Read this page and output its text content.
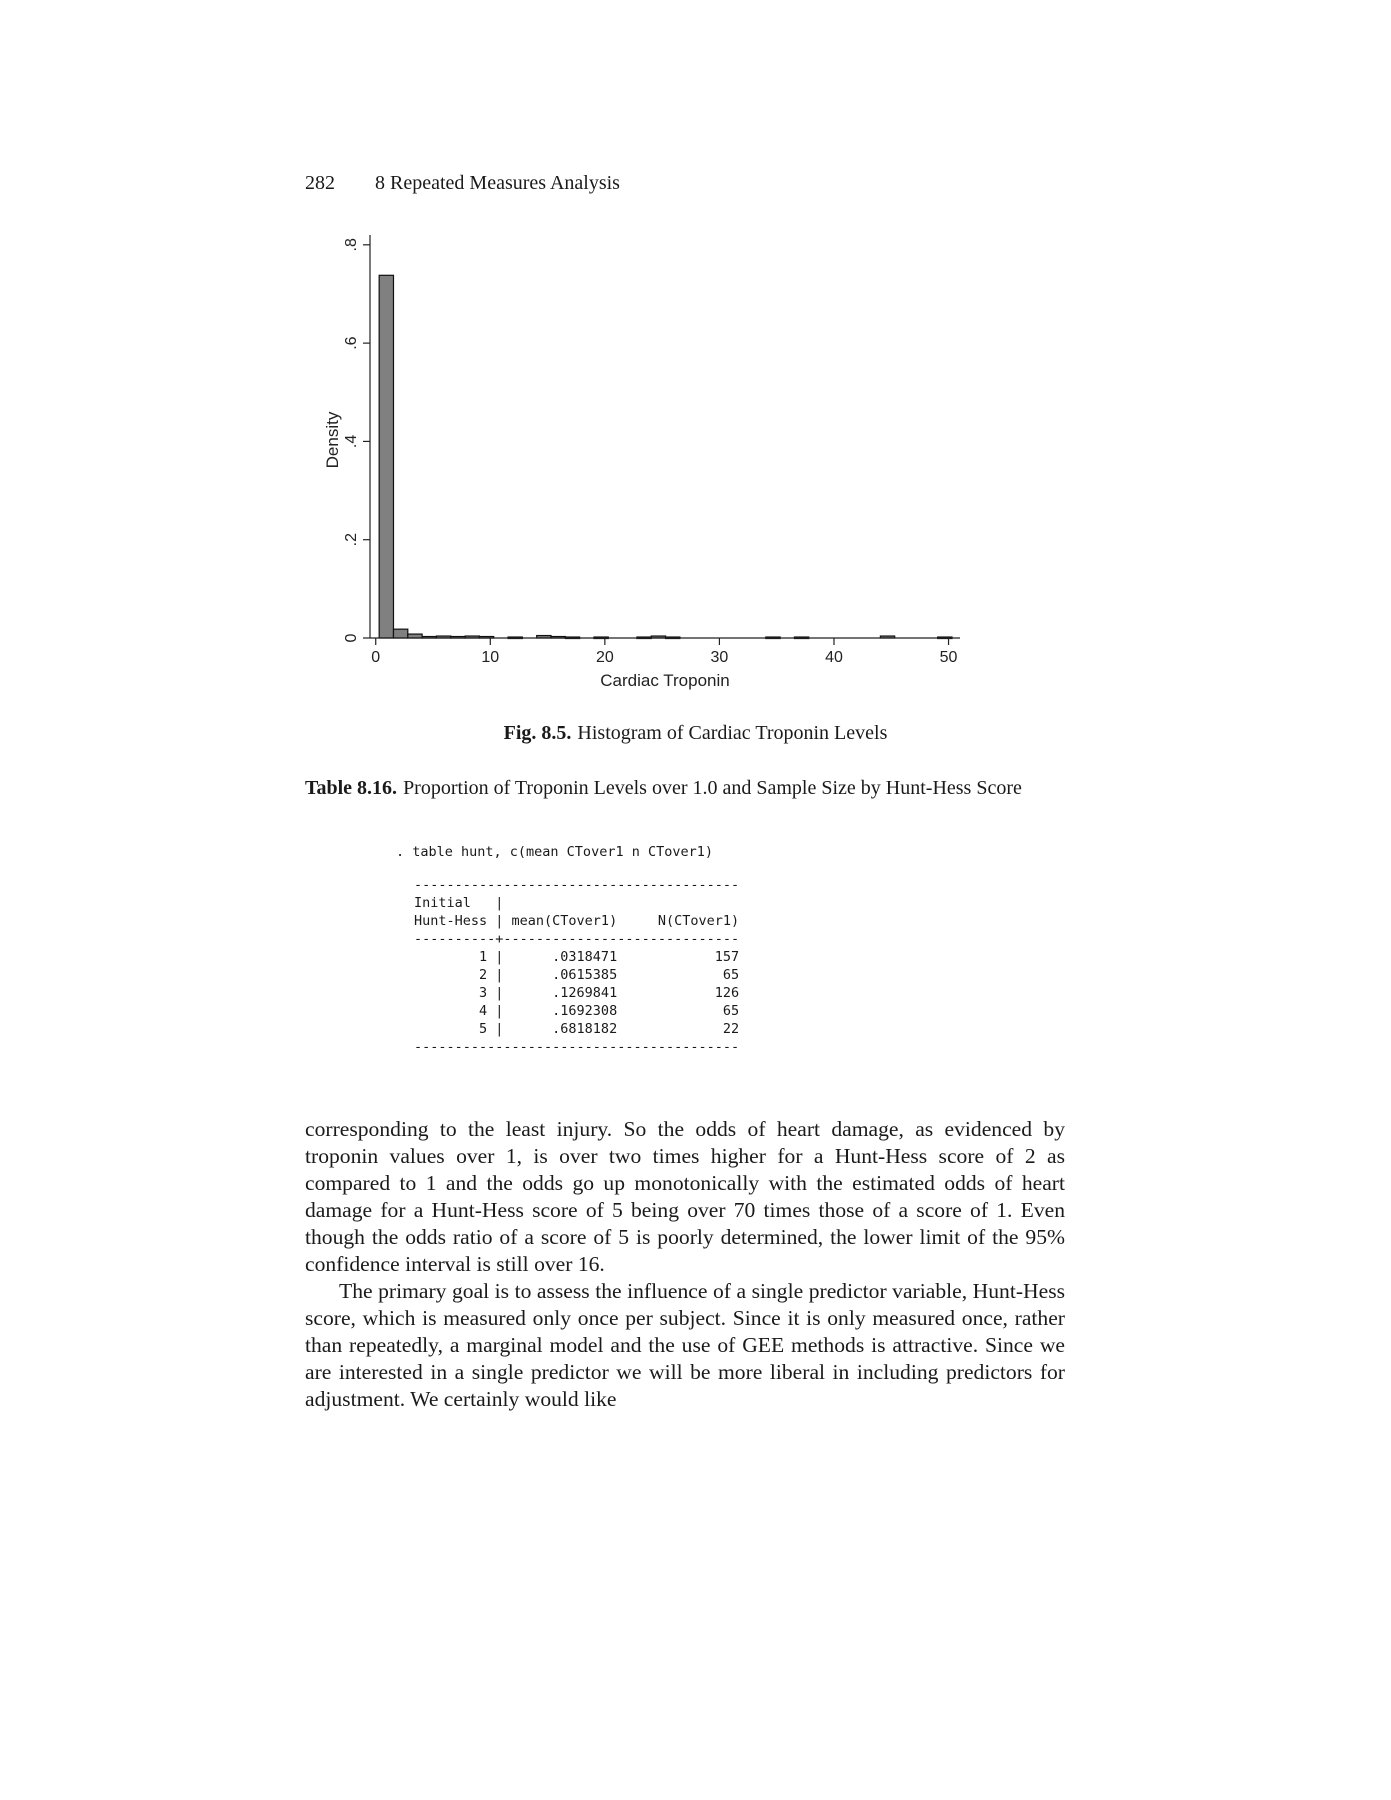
282 8 Repeated Measures Analysis
0
.2
.4
.6
.8
0	10	20	30	40	50
Density
Cardiac Troponin
Fig. 8.5. Histogram of Cardiac Troponin Levels
Table 8.16. Proportion of Troponin Levels over 1.0 and Sample Size by Hunt-Hess Score
. table hunt, c(mean CTover1 n CTover1)
----------------------------------------
Initial   |
Hunt-Hess | mean(CTover1)     N(CTover1)
----------+-----------------------------
1 |      .0318471            157
2 |      .0615385             65
3 |      .1269841            126
4 |      .1692308             65
5 |      .6818182             22
----------------------------------------

corresponding to the least injury. So the odds of heart damage, as evidenced by troponin values over 1, is over two times higher for a Hunt-Hess score of 2 as compared to 1 and the odds go up monotonically with the estimated odds of heart damage for a Hunt-Hess score of 5 being over 70 times those of a score of 1. Even though the odds ratio of a score of 5 is poorly determined, the lower limit of the 95% confidence interval is still over 16.

The primary goal is to assess the influence of a single predictor variable, Hunt-Hess score, which is measured only once per subject. Since it is only measured once, rather than repeatedly, a marginal model and the use of GEE methods is attractive. Since we are interested in a single predictor we will be more liberal in including predictors for adjustment. We certainly would like
